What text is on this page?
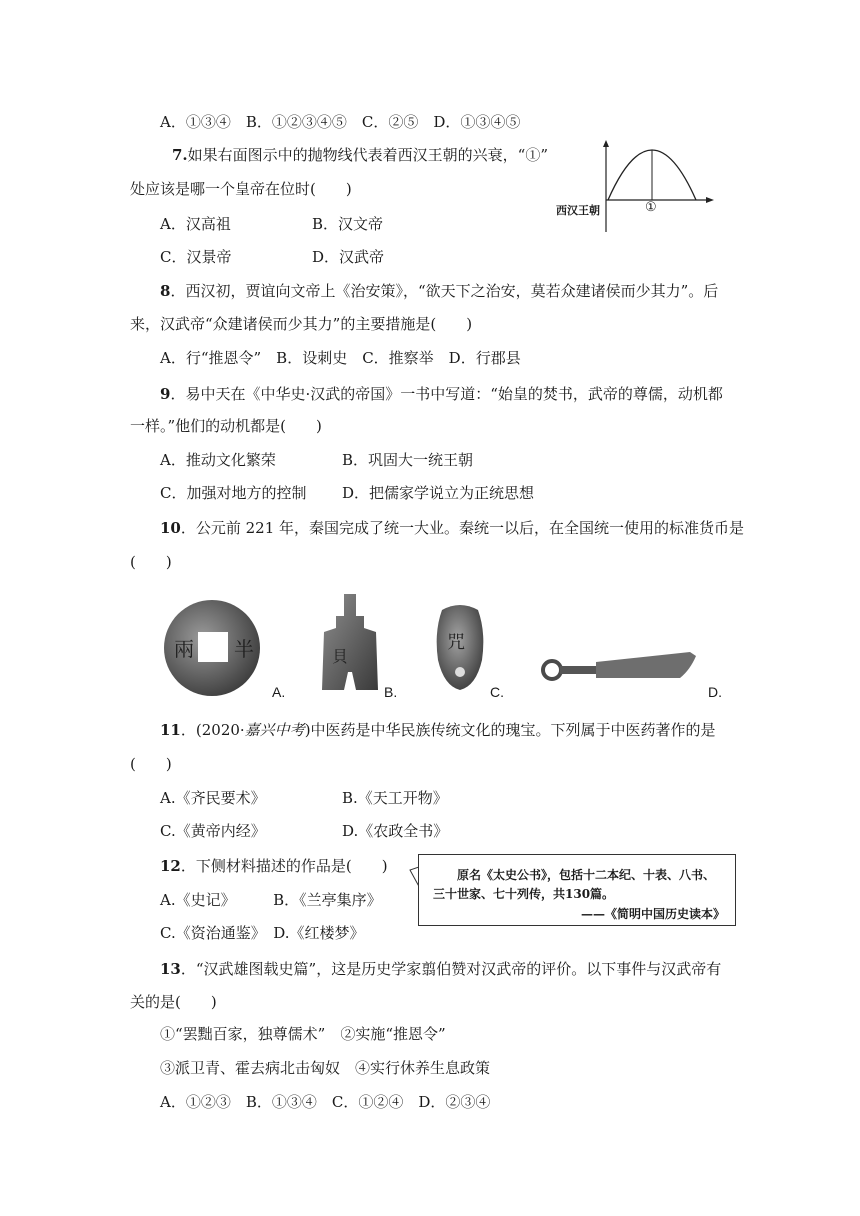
A．①③④　B．①②③④⑤　C．②⑤　D．①③④⑤
7.如果右面图示中的抛物线代表着西汉王朝的兴衰，“①”
处应该是哪一个皇帝在位时(　　)
A．汉高祖	B．汉文帝
C．汉景帝	D．汉武帝
西汉王朝	①
8．西汉初，贾谊向文帝上《治安策》，“欲天下之治安，莫若众建诸侯而少其力”。后
来，汉武帝“众建诸侯而少其力”的主要措施是(　　)
A．行“推恩令”　B．设刺史　C．推察举　D．行郡县
9．易中天在《中华史·汉武的帝国》一书中写道：“始皇的焚书，武帝的尊儒，动机都
一样。”他们的动机都是(　　)
A．推动文化繁荣	B．巩固大一统王朝
C．加强对地方的控制 D．把儒家学说立为正统思想
10．公元前 221 年，秦国完成了统一大业。秦统一以后，在全国统一使用的标准货币是
(　　)
兩 半
A.
貝
B.
咒
C.	D.
11．(2020·嘉兴中考)中医药是中华民族传统文化的瑰宝。下列属于中医药著作的是
(　　)
A.《齐民要术》	B.《天工开物》
C.《黄帝内经》	D.《农政全书》
12．下侧材料描述的作品是(　　)
A.《史记》　　　B．《兰亭集序》
C.《资治通鉴》　D.《红楼梦》
原名《太史公书》，包括十二本纪、十表、八书、
三十世家、七十列传，共130篇。
——《简明中国历史读本》
13．“汉武雄图载史篇”，这是历史学家翦伯赞对汉武帝的评价。以下事件与汉武帝有
关的是(　　)
①“罢黜百家，独尊儒术”　②实施“推恩令”
③派卫青、霍去病北击匈奴　④实行休养生息政策
A．①②③　B．①③④　C．①②④　D．②③④
